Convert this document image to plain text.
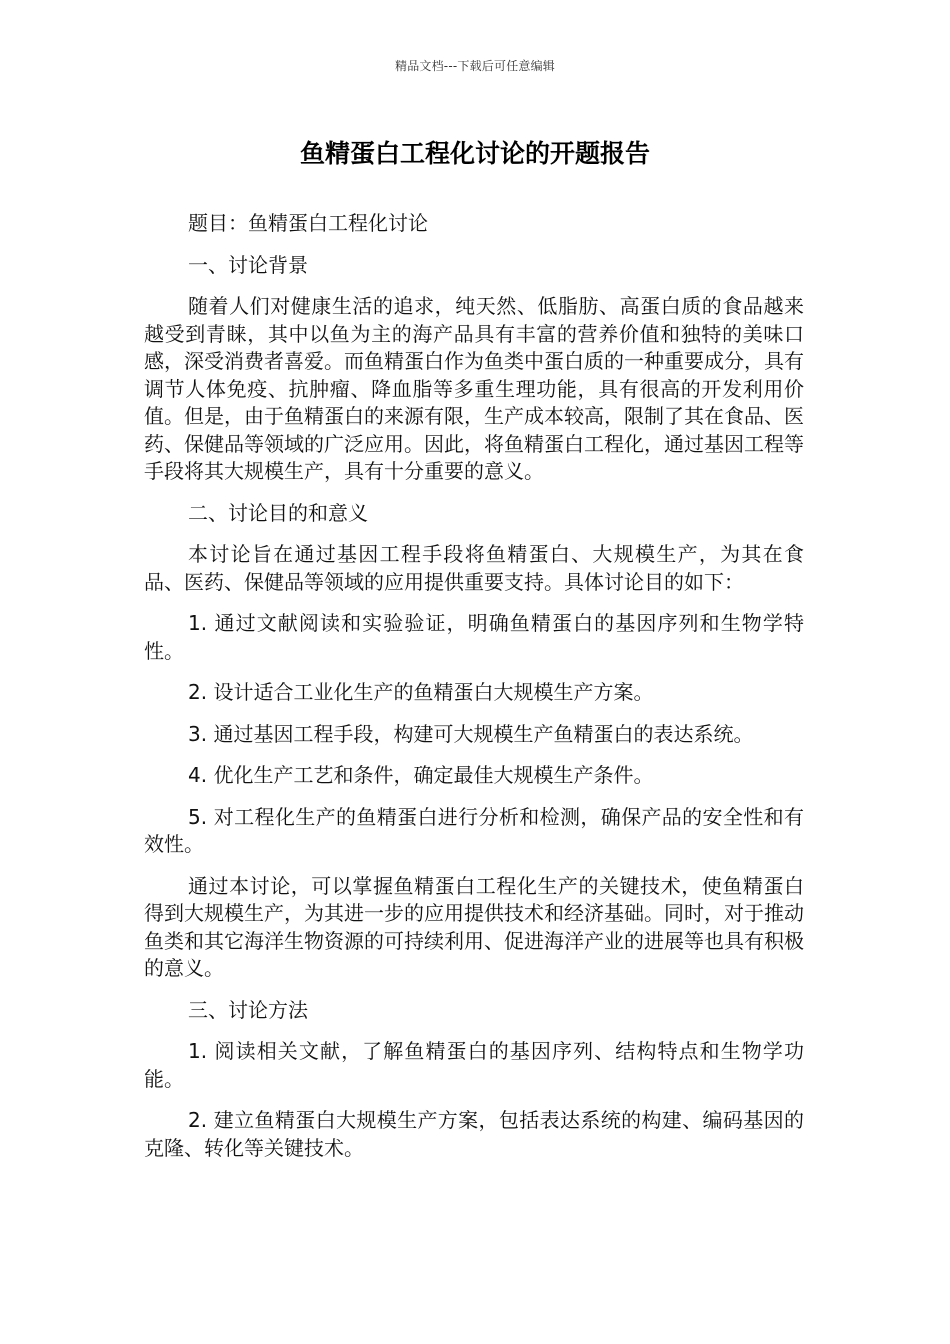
精品文档---下载后可任意编辑
鱼精蛋白工程化讨论的开题报告

题目：鱼精蛋白工程化讨论

一、讨论背景

随着人们对健康生活的追求，纯天然、低脂肪、高蛋白质的食品越来越受到青睐，其中以鱼为主的海产品具有丰富的营养价值和独特的美味口感，深受消费者喜爱。而鱼精蛋白作为鱼类中蛋白质的一种重要成分，具有调节人体免疫、抗肿瘤、降血脂等多重生理功能，具有很高的开发利用价值。但是，由于鱼精蛋白的来源有限，生产成本较高，限制了其在食品、医药、保健品等领域的广泛应用。因此，将鱼精蛋白工程化，通过基因工程等手段将其大规模生产，具有十分重要的意义。

二、讨论目的和意义

本讨论旨在通过基因工程手段将鱼精蛋白、大规模生产，为其在食品、医药、保健品等领域的应用提供重要支持。具体讨论目的如下：

1. 通过文献阅读和实验验证，明确鱼精蛋白的基因序列和生物学特性。

2. 设计适合工业化生产的鱼精蛋白大规模生产方案。

3. 通过基因工程手段，构建可大规模生产鱼精蛋白的表达系统。

4. 优化生产工艺和条件，确定最佳大规模生产条件。

5. 对工程化生产的鱼精蛋白进行分析和检测，确保产品的安全性和有效性。

通过本讨论，可以掌握鱼精蛋白工程化生产的关键技术，使鱼精蛋白得到大规模生产，为其进一步的应用提供技术和经济基础。同时，对于推动鱼类和其它海洋生物资源的可持续利用、促进海洋产业的进展等也具有积极的意义。

三、讨论方法

1. 阅读相关文献，了解鱼精蛋白的基因序列、结构特点和生物学功能。

2. 建立鱼精蛋白大规模生产方案，包括表达系统的构建、编码基因的克隆、转化等关键技术。
